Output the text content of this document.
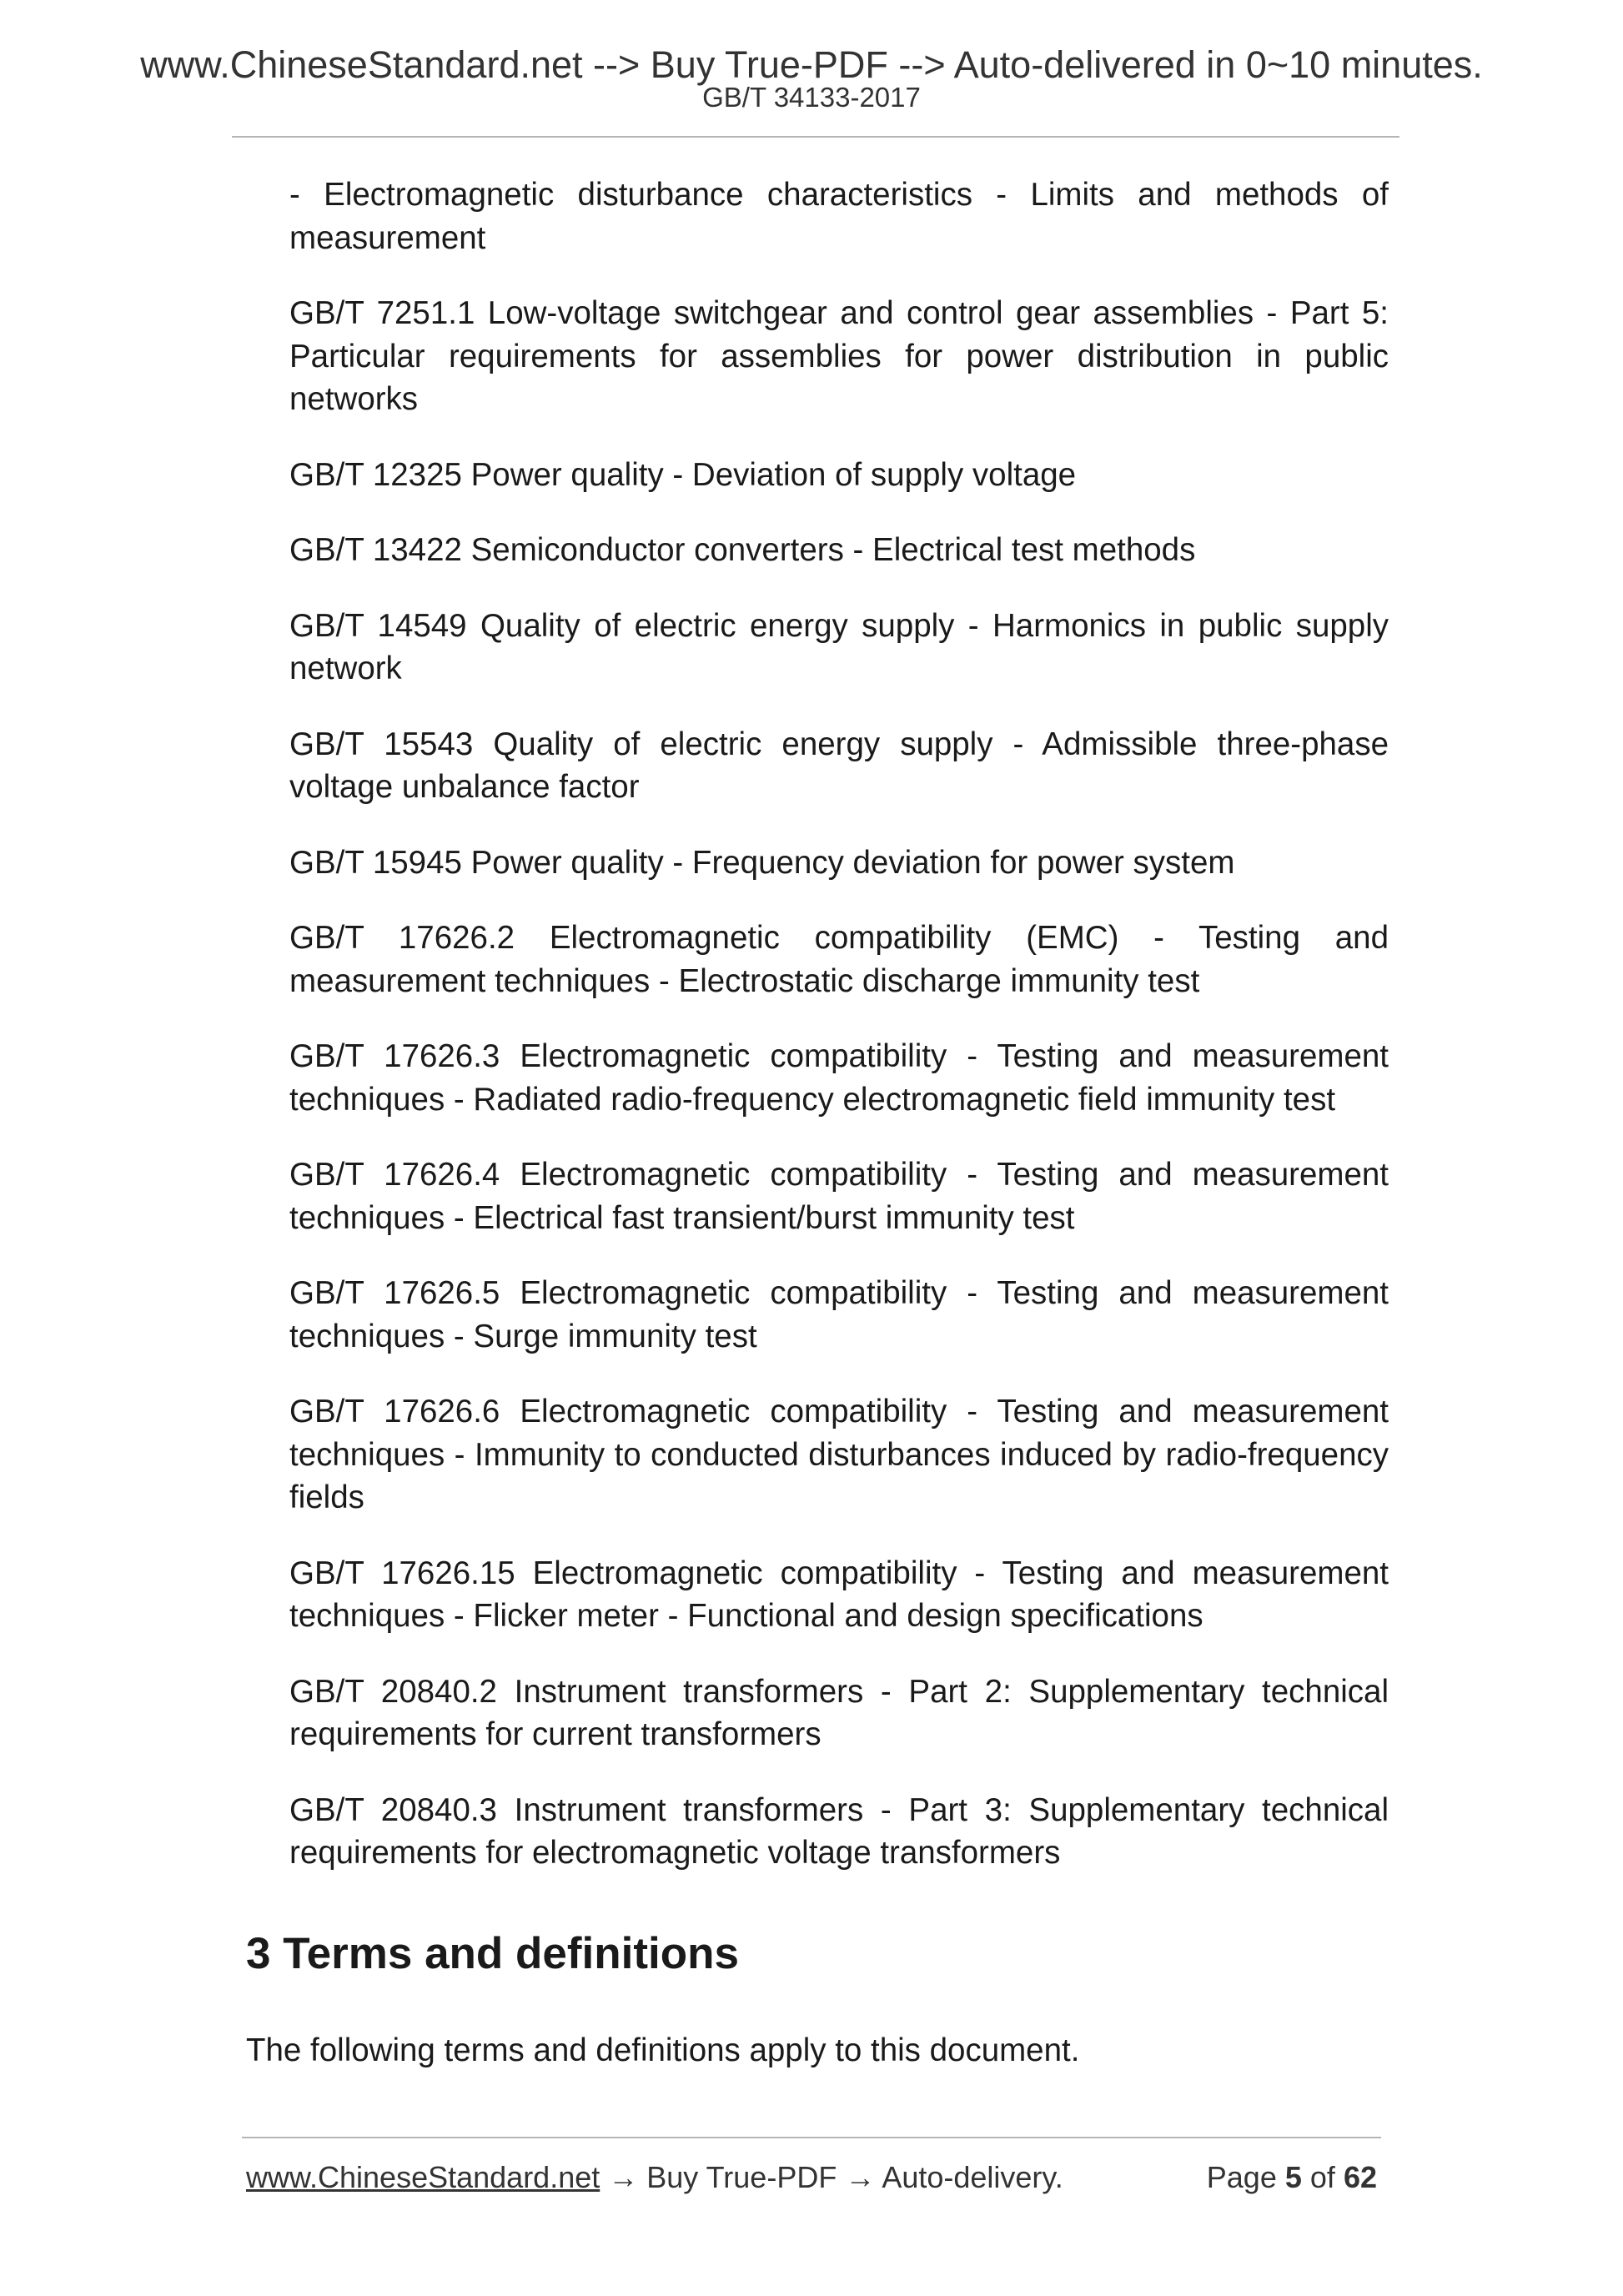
www.ChineseStandard.net --> Buy True-PDF --> Auto-delivered in 0~10 minutes.
GB/T 34133-2017

- Electromagnetic disturbance characteristics - Limits and methods of measurement

GB/T 7251.1 Low-voltage switchgear and control gear assemblies - Part 5: Particular requirements for assemblies for power distribution in public networks

GB/T 12325 Power quality - Deviation of supply voltage

GB/T 13422 Semiconductor converters - Electrical test methods

GB/T 14549 Quality of electric energy supply - Harmonics in public supply network

GB/T 15543 Quality of electric energy supply - Admissible three-phase voltage unbalance factor

GB/T 15945 Power quality - Frequency deviation for power system

GB/T 17626.2 Electromagnetic compatibility (EMC) - Testing and measurement techniques - Electrostatic discharge immunity test

GB/T 17626.3 Electromagnetic compatibility - Testing and measurement techniques - Radiated radio-frequency electromagnetic field immunity test

GB/T 17626.4 Electromagnetic compatibility - Testing and measurement techniques - Electrical fast transient/burst immunity test

GB/T 17626.5 Electromagnetic compatibility - Testing and measurement techniques - Surge immunity test

GB/T 17626.6 Electromagnetic compatibility - Testing and measurement techniques - Immunity to conducted disturbances induced by radio-frequency fields

GB/T 17626.15 Electromagnetic compatibility - Testing and measurement techniques - Flicker meter - Functional and design specifications

GB/T 20840.2 Instrument transformers - Part 2: Supplementary technical requirements for current transformers

GB/T 20840.3 Instrument transformers - Part 3: Supplementary technical requirements for electromagnetic voltage transformers

3 Terms and definitions
The following terms and definitions apply to this document.
www.ChineseStandard.net → Buy True-PDF → Auto-delivery.	Page 5 of 62
